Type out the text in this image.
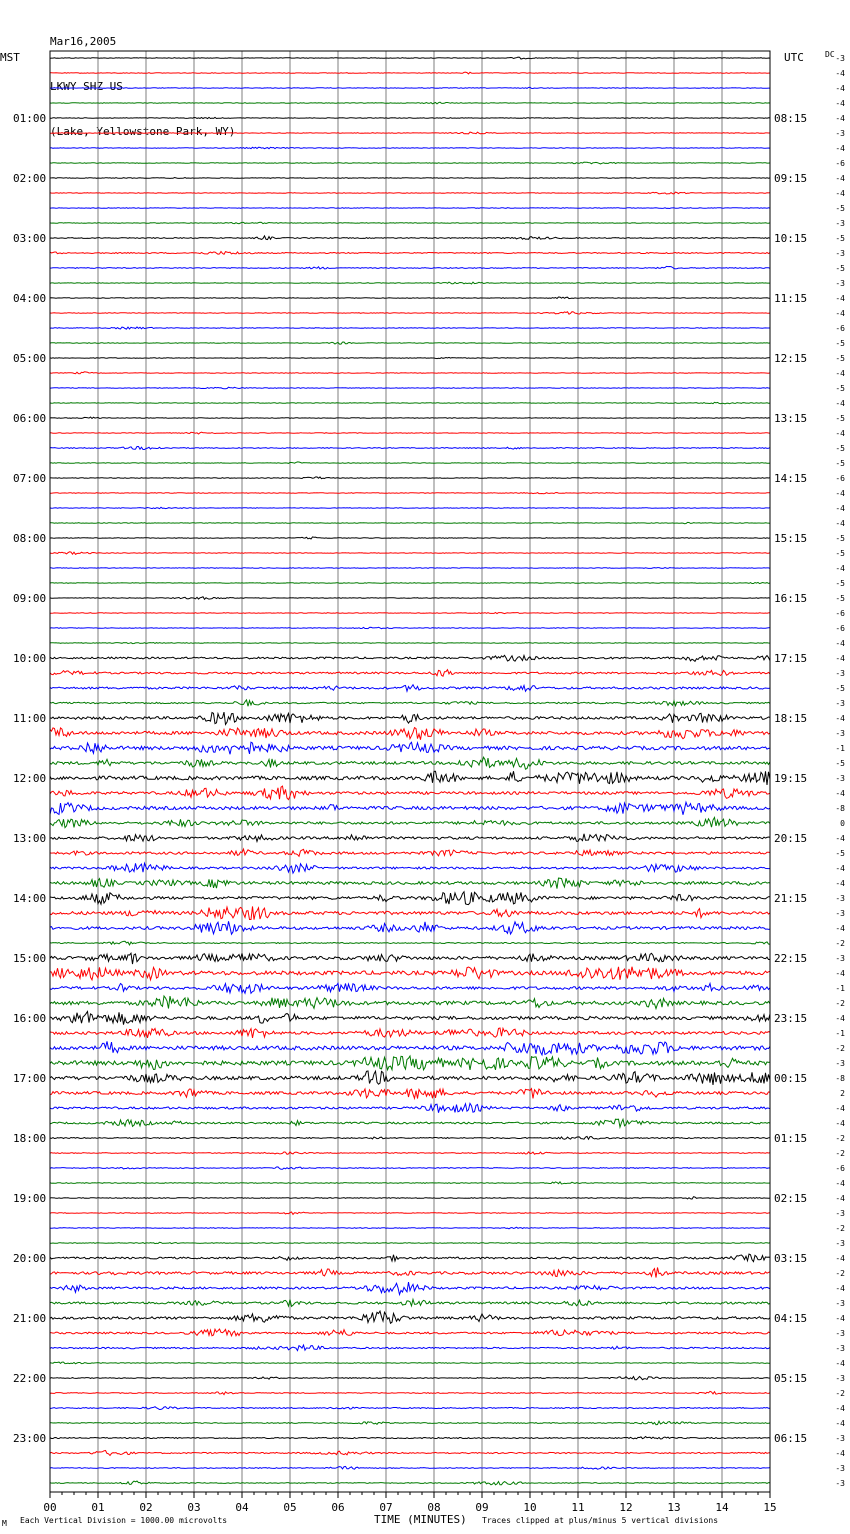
Mar16,2005

LKWY SHZ US

(Lake, Yellowstone Park, WY)

01:00
02:00
03:00
04:00
05:00
06:00
07:00
08:00
09:00
10:00
11:00
12:00
13:00
14:00
15:00
16:00
17:00
18:00
19:00
20:00
21:00
22:00
23:00
08:15
09:15
10:15
11:15
12:15
13:15
14:15
15:15
16:15
17:15
18:15
19:15
20:15
21:15
22:15
23:15
00:15
01:15
02:15
03:15
04:15
05:15
06:15
-3
-4
-4
-4
-4
-3
-4
-6
-4
-4
-5
-3
-5
-3
-5
-3
-4
-4
-6
-5
-5
-4
-5
-4
-5
-4
-5
-5
-6
-4
-4
-4
-5
-5
-4
-5
-5
-6
-6
-4
-4
-3
-5
-3
-4
-3
-1
-5
-3
-4
-8
0
-4
-5
-4
-4
-3
-3
-4
-2
-3
-4
-1
-2
-4
-1
-2
-3
-8
2
-4
-4
-2
-2
-6
-4
-4
-3
-2
-3
-4
-2
-4
-3
-4
-3
-3
-4
-3
-2
-4
-4
-3
-4
-3
-3
00	01	02	03	04	05	06	07	08	09	10	11	12	13	14	15
MST	UTC	DC
TIME (MINUTES)
Each Vertical Division = 1000.00 microvolts	Traces clipped at plus/minus 5 vertical divisions
M
